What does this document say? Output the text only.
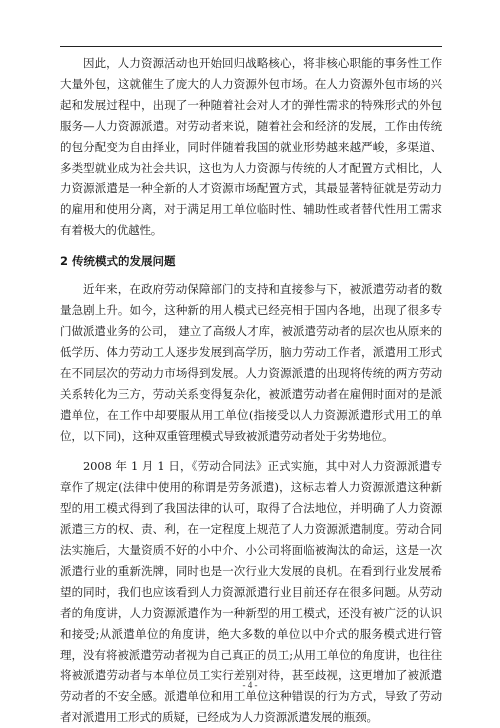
因此，人力资源活动也开始回归战略核心，将非核心职能的事务性工作大量外包，这就催生了庞大的人力资源外包市场。在人力资源外包市场的兴起和发展过程中，出现了一种随着社会对人才的弹性需求的特殊形式的外包服务—人力资源派遣。对劳动者来说，随着社会和经济的发展，工作由传统的包分配变为自由择业，同时伴随着我国的就业形势越来越严峻，多渠道、多类型就业成为社会共识，这也为人力资源与传统的人才配置方式相比，人力资源派遣是一种全新的人才资源市场配置方式，其最显著特征就是劳动力的雇用和使用分离，对于满足用工单位临时性、辅助性或者替代性用工需求有着极大的优越性。

2 传统模式的发展问题

近年来，在政府劳动保障部门的支持和直接参与下，被派遣劳动者的数量急剧上升。如今，这种新的用人模式已经亮相于国内各地，出现了很多专门做派遣业务的公司， 建立了高级人才库，被派遣劳动者的层次也从原来的低学历、体力劳动工人逐步发展到高学历，脑力劳动工作者，派遣用工形式在不同层次的劳动力市场得到发展。人力资源派遣的出现将传统的两方劳动关系转化为三方，劳动关系变得复杂化，被派遣劳动者在雇佣时面对的是派遣单位，在工作中却要服从用工单位(指接受以人力资源派遣形式用工的单位，以下同)，这种双重管理模式导致被派遣劳动者处于劣势地位。

2008 年 1 月 1 日，《劳动合同法》正式实施，其中对人力资源派遣专章作了规定(法律中使用的称谓是劳务派遣)，这标志着人力资源派遣这种新型的用工模式得到了我国法律的认可，取得了合法地位，并明确了人力资源派遣三方的权、责、利，在一定程度上规范了人力资源派遣制度。劳动合同法实施后，大量资质不好的小中介、小公司将面临被淘汰的命运，这是一次派遣行业的重新洗牌，同时也是一次行业大发展的良机。在看到行业发展希望的同时，我们也应该看到人力资源派遣行业目前还存在很多问题。从劳动者的角度讲，人力资源派遣作为一种新型的用工模式，还没有被广泛的认识和接受;从派遣单位的角度讲，绝大多数的单位以中介式的服务模式进行管理，没有将被派遣劳动者视为自己真正的员工;从用工单位的角度讲，也往往将被派遣劳动者与本单位员工实行差别对待，甚至歧视，这更增加了被派遣劳动者的不安全感。派遣单位和用工单位这种错误的行为方式，导致了劳动者对派遣用工形式的质疑，已经成为人力资源派遣发展的瓶颈。

- 4 -
